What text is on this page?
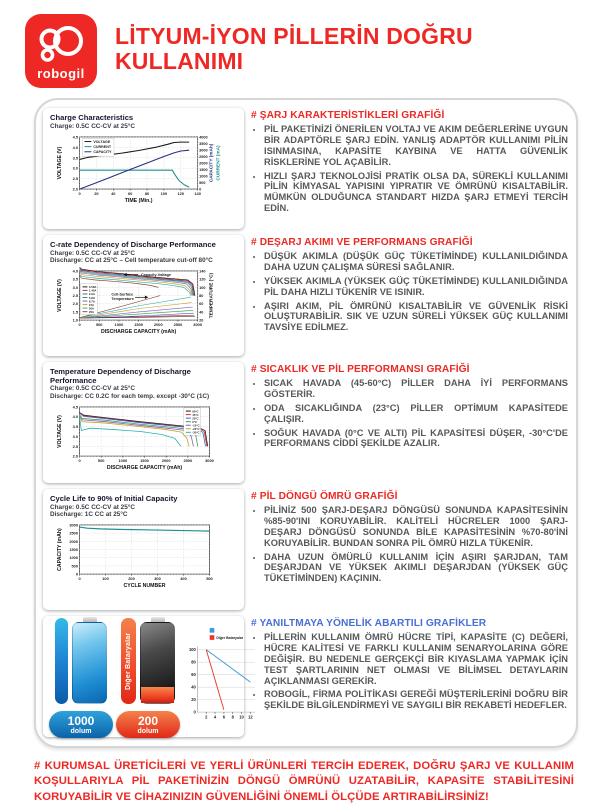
robogil
LİTYUM-İYON PİLLERİN DOĞRU KULLANIMI
Charge Characteristics
Charge: 0.5C CC-CV at 25°C
2.0
2.5
3.0
3.5
4.0
4.5
0	20	40	60	80	100	120	140
0
500
1000
1500
2000
2500
3000
3500
4000
VOLTAGE
CURRENT
CAPACITY
TIME (Min.)
VOLTAGE (V)	CAPACITY (mAh) CURRENT (mA)
C-rate Dependency of Discharge Performance
Charge: 0.5C CC-CV at 25°C
Discharge: CC at 25°C – Cell temperature cut-off 80°C
1.0
1.5
2.0
2.5
3.0
3.5
4.0
0	500	1000	1500	2000	2500	3000
20
40
60
80
100
120
140
0.58A
1.45A
2.9A
5.8A
8.7A
15A
20A
25A
Capacity-Voltage
Cell-Surface
Temperature
DISCHARGE CAPACITY (mAh)
VOLTAGE (V)	TEMPERATURE (°C)
Temperature Dependency of Discharge Performance
Charge: 0.5C CC-CV at 25°C
Discharge: CC 0.2C for each temp. except -30°C (1C)
2.0
2.5
3.0
3.5
4.0
4.5
0	500	1000	1500	2000	2500	3000
60°C
45°C
25°C
0°C
-10°C
-20°C
-30°C
DISCHARGE CAPACITY (mAh)
VOLTAGE (V)
Cycle Life to 90% of Initial Capacity
Charge: 0.5C CC-CV at 25°C
Discharge: 1C CC at 25°C
0
500
1000
1500
2000
2500
3000
0	100	200	300	400	500
CYCLE NUMBER
CAPACITY (mAh)
1000
dolum
Diğer Bataryalar
200
dolum
0
20
40
60
80
100
2 4 6 8 10 12
Diğer Bataryalar
# ŞARJ KARAKTERİSTİKLERİ GRAFİĞİ
• PİL PAKETİNİZİ ÖNERİLEN VOLTAJ VE AKIM DEĞERLERİNE UYGUN BİR ADAPTÖRLE ŞARJ EDİN. YANLIŞ ADAPTÖR KULLANIMI PİLİN ISINMASINA, KAPASİTE KAYBINA VE HATTA GÜVENLİK RİSKLERİNE YOL AÇABİLİR.
• HIZLI ŞARJ TEKNOLOJİSİ PRATİK OLSA DA, SÜREKLİ KULLANIMI PİLİN KİMYASAL YAPISINI YIPRATIR VE ÖMRÜNÜ KISALTABİLİR. MÜMKÜN OLDUĞUNCA STANDART HIZDA ŞARJ ETMEYİ TERCİH EDİN.
# DEŞARJ AKIMI VE PERFORMANS GRAFİĞİ
• DÜŞÜK AKIMLA (DÜŞÜK GÜÇ TÜKETİMİNDE) KULLANILDIĞINDA DAHA UZUN ÇALIŞMA SÜRESİ SAĞLANIR.
• YÜKSEK AKIMLA (YÜKSEK GÜÇ TÜKETİMİNDE) KULLANILDIĞINDA PİL DAHA HIZLI TÜKENİR VE ISINIR.
• AŞIRI AKIM, PİL ÖMRÜNÜ KISALTABİLİR VE GÜVENLİK RİSKİ OLUŞTURABİLİR. SIK VE UZUN SÜRELİ YÜKSEK GÜÇ KULLANIMI TAVSİYE EDİLMEZ.
# SICAKLIK VE PİL PERFORMANSI GRAFİĞİ
• SICAK HAVADA (45-60°C) PİLLER DAHA İYİ PERFORMANS GÖSTERİR.
• ODA SICAKLIĞINDA (23°C) PİLLER OPTİMUM KAPASİTEDE ÇALIŞIR.
• SOĞUK HAVADA (0°C VE ALTI) PİL KAPASİTESİ DÜŞER, -30°C'DE PERFORMANS CİDDİ ŞEKİLDE AZALIR.
# PİL DÖNGÜ ÖMRÜ GRAFİĞİ
• PİLİNİZ 500 ŞARJ-DEŞARJ DÖNGÜSÜ SONUNDA KAPASİTESİNİN %85-90'INI KORUYABİLİR. KALİTELİ HÜCRELER 1000 ŞARJ-DEŞARJ DÖNGÜSÜ SONUNDA BİLE KAPASİTESİNİN %70-80'İNİ KORUYABİLİR. BUNDAN SONRA PİL ÖMRÜ HIZLA TÜKENİR.
• DAHA UZUN ÖMÜRLÜ KULLANIM İÇİN AŞIRI ŞARJDAN, TAM DEŞARJDAN VE YÜKSEK AKIMLI DEŞARJDAN (YÜKSEK GÜÇ TÜKETİMİNDEN) KAÇININ.
# YANILTMAYA YÖNELİK ABARTILI GRAFİKLER
• PİLLERİN KULLANIM ÖMRÜ HÜCRE TİPİ, KAPASİTE (C) DEĞERİ, HÜCRE KALİTESİ VE FARKLI KULLANIM SENARYOLARINA GÖRE DEĞİŞİR. BU NEDENLE GERÇEKÇİ BİR KIYASLAMA YAPMAK İÇİN TEST ŞARTLARININ NET OLMASI VE BİLİMSEL DETAYLARIN AÇIKLANMASI GEREKİR.
• ROBOGİL, FİRMA POLİTİKASI GEREĞİ MÜŞTERİLERİNİ DOĞRU BİR ŞEKİLDE BİLGİLENDİRMEYİ VE SAYGILI BİR REKABETİ HEDEFLER.
# KURUMSAL ÜRETİCİLERİ VE YERLİ ÜRÜNLERİ TERCİH EDEREK, DOĞRU ŞARJ VE KULLANIM KOŞULLARIYLA PİL PAKETİNİZİN DÖNGÜ ÖMRÜNÜ UZATABİLİR, KAPASİTE STABİLİTESİNİ KORUYABİLİR VE CİHAZINIZIN GÜVENLİĞİNİ ÖNEMLİ ÖLÇÜDE ARTIRABİLİRSİNİZ!
